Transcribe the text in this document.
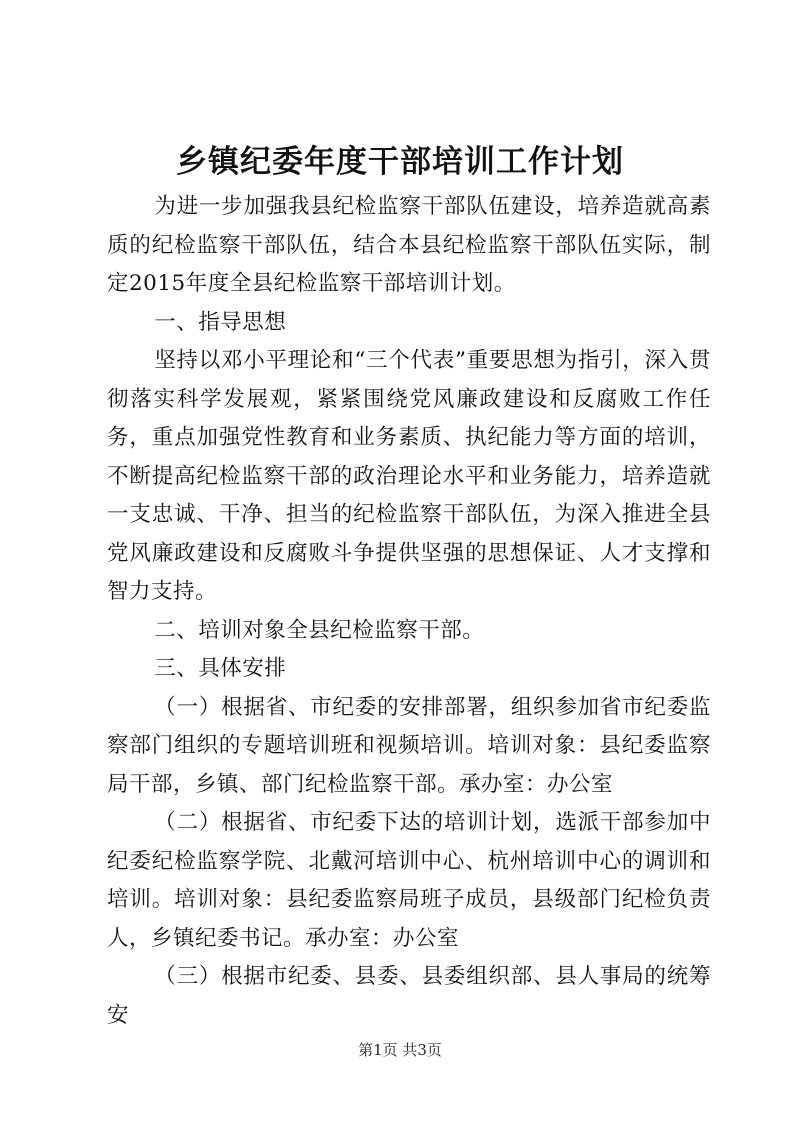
乡镇纪委年度干部培训工作计划

为进一步加强我县纪检监察干部队伍建设，培养造就高素质的纪检监察干部队伍，结合本县纪检监察干部队伍实际，制定2015年度全县纪检监察干部培训计划。

一、指导思想

坚持以邓小平理论和“三个代表”重要思想为指引，深入贯彻落实科学发展观，紧紧围绕党风廉政建设和反腐败工作任务，重点加强党性教育和业务素质、执纪能力等方面的培训，不断提高纪检监察干部的政治理论水平和业务能力，培养造就一支忠诚、干净、担当的纪检监察干部队伍，为深入推进全县党风廉政建设和反腐败斗争提供坚强的思想保证、人才支撑和智力支持。

二、培训对象全县纪检监察干部。

三、具体安排

（一）根据省、市纪委的安排部署，组织参加省市纪委监察部门组织的专题培训班和视频培训。培训对象：县纪委监察局干部，乡镇、部门纪检监察干部。承办室：办公室

（二）根据省、市纪委下达的培训计划，选派干部参加中纪委纪检监察学院、北戴河培训中心、杭州培训中心的调训和培训。培训对象：县纪委监察局班子成员，县级部门纪检负责人，乡镇纪委书记。承办室：办公室

（三）根据市纪委、县委、县委组织部、县人事局的统筹安

第1页 共3页
